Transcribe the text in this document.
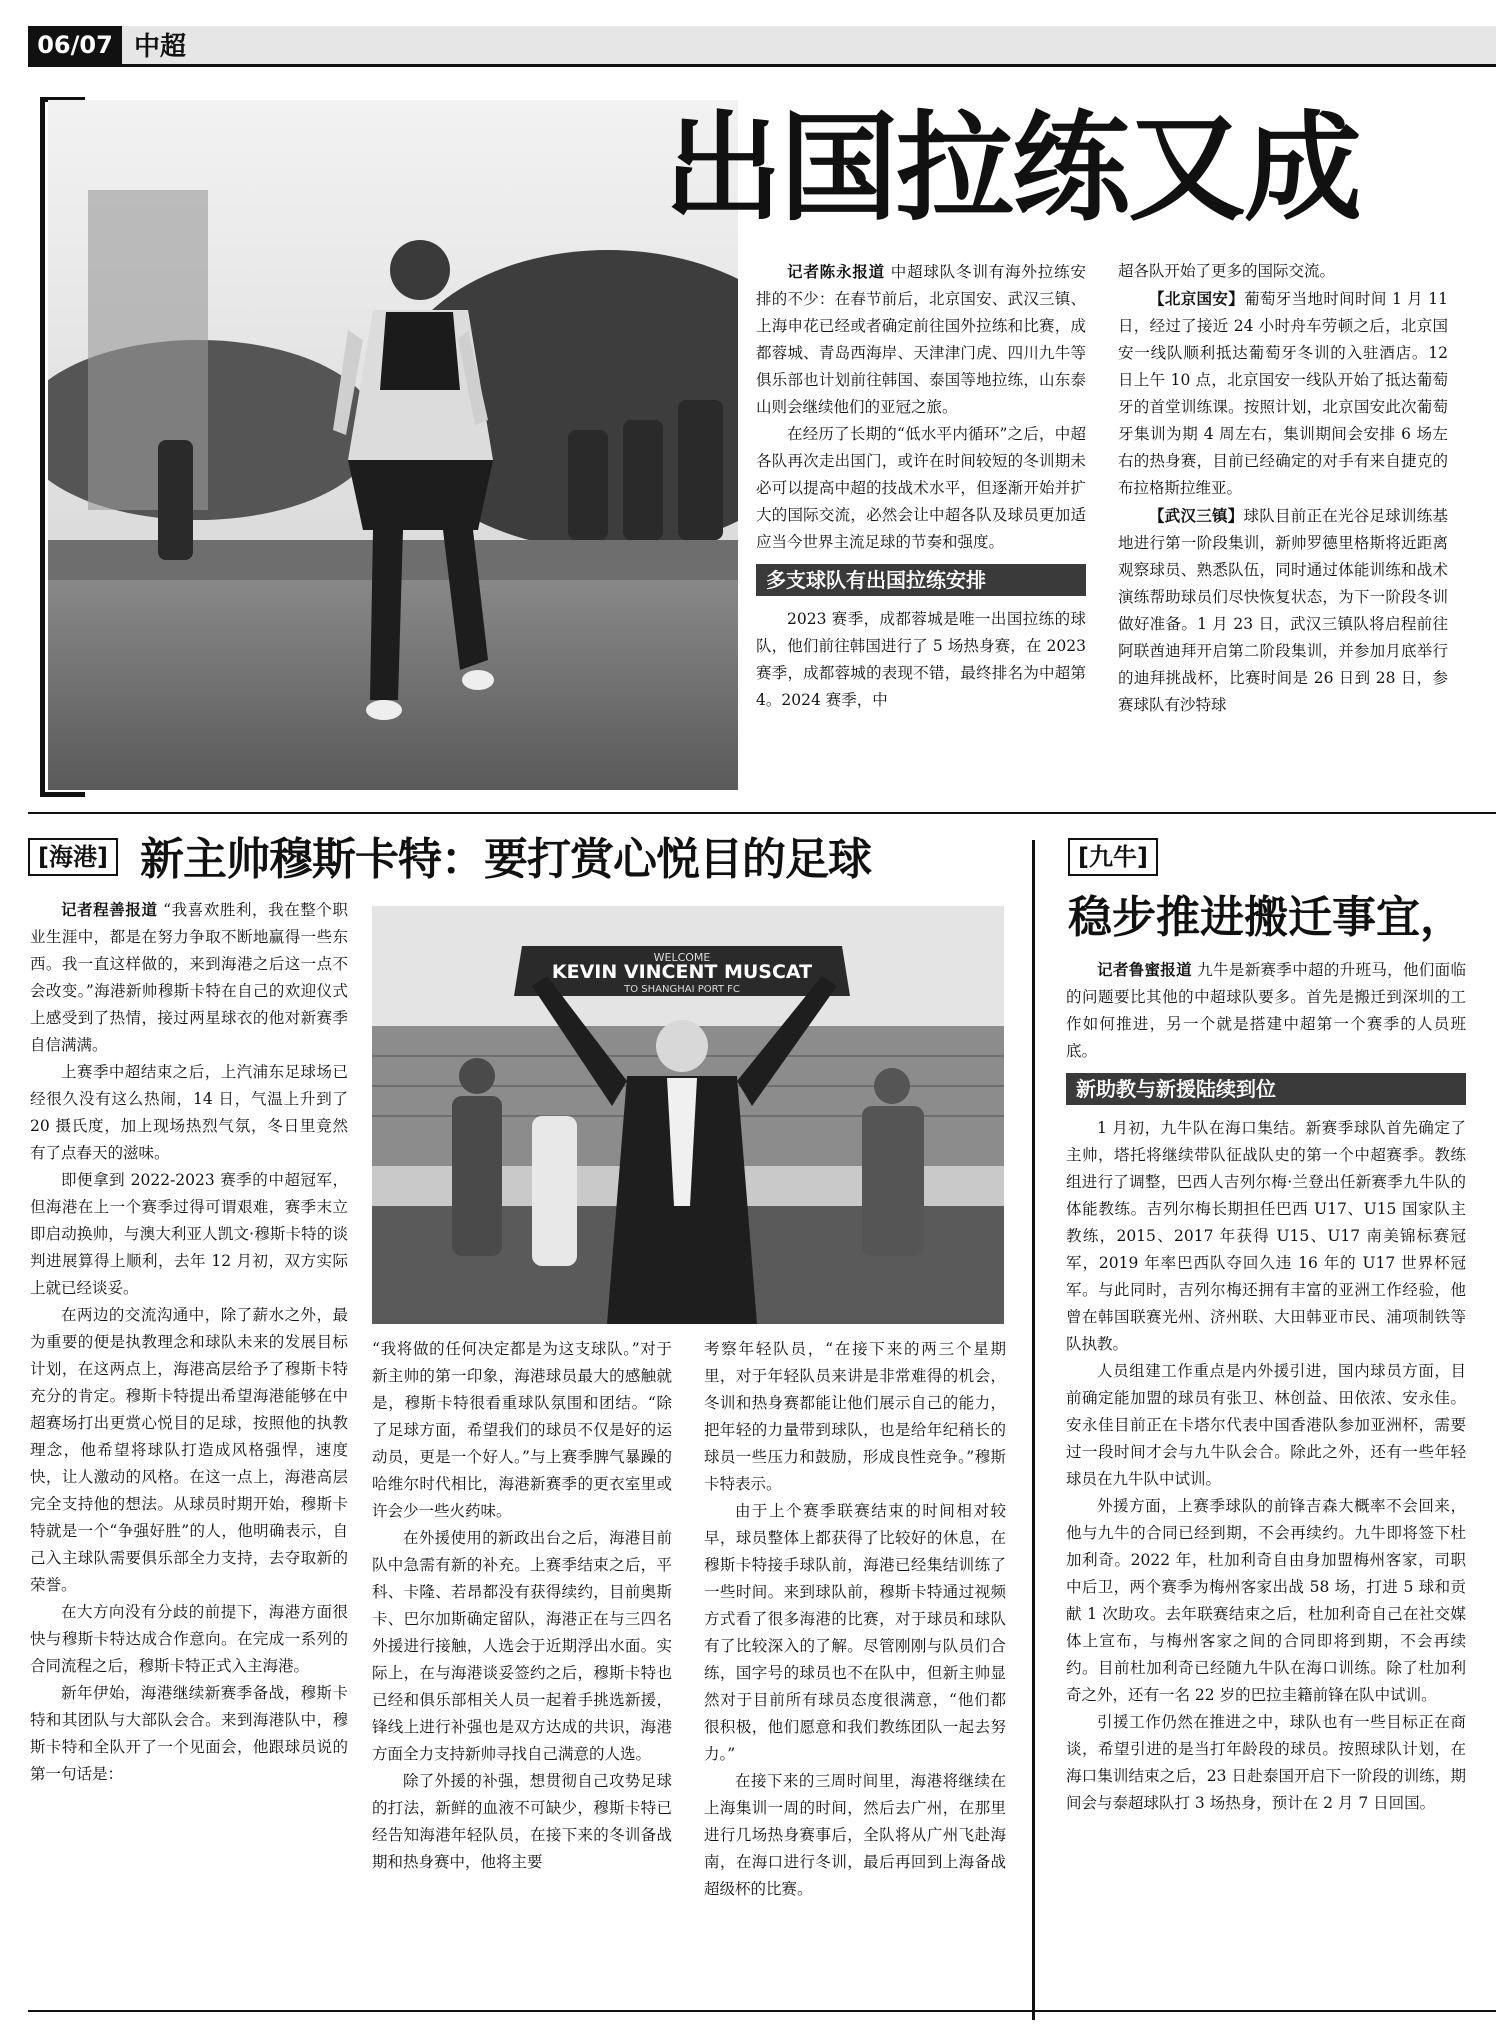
06/07 中超
出国拉练又成

记者陈永报道 中超球队冬训有海外拉练安排的不少：在春节前后，北京国安、武汉三镇、上海申花已经或者确定前往国外拉练和比赛，成都蓉城、青岛西海岸、天津津门虎、四川九牛等俱乐部也计划前往韩国、泰国等地拉练，山东泰山则会继续他们的亚冠之旅。

在经历了长期的“低水平内循环”之后，中超各队再次走出国门，或许在时间较短的冬训期未必可以提高中超的技战术水平，但逐渐开始并扩大的国际交流，必然会让中超各队及球员更加适应当今世界主流足球的节奏和强度。

多支球队有出国拉练安排

2023 赛季，成都蓉城是唯一出国拉练的球队，他们前往韩国进行了 5 场热身赛，在 2023 赛季，成都蓉城的表现不错，最终排名为中超第 4。2024 赛季，中

超各队开始了更多的国际交流。

【北京国安】葡萄牙当地时间时间 1 月 11 日，经过了接近 24 小时舟车劳顿之后，北京国安一线队顺利抵达葡萄牙冬训的入驻酒店。12 日上午 10 点，北京国安一线队开始了抵达葡萄牙的首堂训练课。按照计划，北京国安此次葡萄牙集训为期 4 周左右，集训期间会安排 6 场左右的热身赛，目前已经确定的对手有来自捷克的布拉格斯拉维亚。

【武汉三镇】球队目前正在光谷足球训练基地进行第一阶段集训，新帅罗德里格斯将近距离观察球员、熟悉队伍，同时通过体能训练和战术演练帮助球员们尽快恢复状态，为下一阶段冬训做好准备。1 月 23 日，武汉三镇队将启程前往阿联酋迪拜开启第二阶段集训，并参加月底举行的迪拜挑战杯，比赛时间是 26 日到 28 日，参赛球队有沙特球

[海港] 新主帅穆斯卡特：要打赏心悦目的足球

记者程善报道 “我喜欢胜利，我在整个职业生涯中，都是在努力争取不断地赢得一些东西。我一直这样做的，来到海港之后这一点不会改变。”海港新帅穆斯卡特在自己的欢迎仪式上感受到了热情，接过两星球衣的他对新赛季自信满满。

上赛季中超结束之后，上汽浦东足球场已经很久没有这么热闹，14 日，气温上升到了 20 摄氏度，加上现场热烈气氛，冬日里竟然有了点春天的滋味。

即便拿到 2022-2023 赛季的中超冠军，但海港在上一个赛季过得可谓艰难，赛季末立即启动换帅，与澳大利亚人凯文·穆斯卡特的谈判进展算得上顺利，去年 12 月初，双方实际上就已经谈妥。

在两边的交流沟通中，除了薪水之外，最为重要的便是执教理念和球队未来的发展目标计划，在这两点上，海港高层给予了穆斯卡特充分的肯定。穆斯卡特提出希望海港能够在中超赛场打出更赏心悦目的足球，按照他的执教理念，他希望将球队打造成风格强悍，速度快，让人激动的风格。在这一点上，海港高层完全支持他的想法。从球员时期开始，穆斯卡特就是一个“争强好胜”的人，他明确表示，自己入主球队需要俱乐部全力支持，去夺取新的荣誉。

在大方向没有分歧的前提下，海港方面很快与穆斯卡特达成合作意向。在完成一系列的合同流程之后，穆斯卡特正式入主海港。

新年伊始，海港继续新赛季备战，穆斯卡特和其团队与大部队会合。来到海港队中，穆斯卡特和全队开了一个见面会，他跟球员说的第一句话是：

WELCOME
KEVIN VINCENT MUSCAT
TO SHANGHAI PORT FC

“我将做的任何决定都是为这支球队。”对于新主帅的第一印象，海港球员最大的感触就是，穆斯卡特很看重球队氛围和团结。“除了足球方面，希望我们的球员不仅是好的运动员，更是一个好人。”与上赛季脾气暴躁的哈维尔时代相比，海港新赛季的更衣室里或许会少一些火药味。

在外援使用的新政出台之后，海港目前队中急需有新的补充。上赛季结束之后，平科、卡隆、若昂都没有获得续约，目前奥斯卡、巴尔加斯确定留队，海港正在与三四名外援进行接触，人选会于近期浮出水面。实际上，在与海港谈妥签约之后，穆斯卡特也已经和俱乐部相关人员一起着手挑选新援，锋线上进行补强也是双方达成的共识，海港方面全力支持新帅寻找自己满意的人选。

除了外援的补强，想贯彻自己攻势足球的打法，新鲜的血液不可缺少，穆斯卡特已经告知海港年轻队员，在接下来的冬训备战期和热身赛中，他将主要

考察年轻队员，“在接下来的两三个星期里，对于年轻队员来讲是非常难得的机会，冬训和热身赛都能让他们展示自己的能力，把年轻的力量带到球队，也是给年纪稍长的球员一些压力和鼓励，形成良性竞争。”穆斯卡特表示。

由于上个赛季联赛结束的时间相对较早，球员整体上都获得了比较好的休息，在穆斯卡特接手球队前，海港已经集结训练了一些时间。来到球队前，穆斯卡特通过视频方式看了很多海港的比赛，对于球员和球队有了比较深入的了解。尽管刚刚与队员们合练，国字号的球员也不在队中，但新主帅显然对于目前所有球员态度很满意，“他们都很积极，他们愿意和我们教练团队一起去努力。”

在接下来的三周时间里，海港将继续在上海集训一周的时间，然后去广州，在那里进行几场热身赛事后，全队将从广州飞赴海南，在海口进行冬训，最后再回到上海备战超级杯的比赛。

[九牛]
稳步推进搬迁事宜，

记者鲁蜜报道 九牛是新赛季中超的升班马，他们面临的问题要比其他的中超球队要多。首先是搬迁到深圳的工作如何推进，另一个就是搭建中超第一个赛季的人员班底。

新助教与新援陆续到位

1 月初，九牛队在海口集结。新赛季球队首先确定了主帅，塔托将继续带队征战队史的第一个中超赛季。教练组进行了调整，巴西人吉列尔梅·兰登出任新赛季九牛队的体能教练。吉列尔梅长期担任巴西 U17、U15 国家队主教练，2015、2017 年获得 U15、U17 南美锦标赛冠军，2019 年率巴西队夺回久违 16 年的 U17 世界杯冠军。与此同时，吉列尔梅还拥有丰富的亚洲工作经验，他曾在韩国联赛光州、济州联、大田韩亚市民、浦项制铁等队执教。

人员组建工作重点是内外援引进，国内球员方面，目前确定能加盟的球员有张卫、林创益、田依浓、安永佳。安永佳目前正在卡塔尔代表中国香港队参加亚洲杯，需要过一段时间才会与九牛队会合。除此之外，还有一些年轻球员在九牛队中试训。

外援方面，上赛季球队的前锋吉森大概率不会回来，他与九牛的合同已经到期，不会再续约。九牛即将签下杜加利奇。2022 年，杜加利奇自由身加盟梅州客家，司职中后卫，两个赛季为梅州客家出战 58 场，打进 5 球和贡献 1 次助攻。去年联赛结束之后，杜加利奇自己在社交媒体上宣布，与梅州客家之间的合同即将到期，不会再续约。目前杜加利奇已经随九牛队在海口训练。除了杜加利奇之外，还有一名 22 岁的巴拉圭籍前锋在队中试训。

引援工作仍然在推进之中，球队也有一些目标正在商谈，希望引进的是当打年龄段的球员。按照球队计划，在海口集训结束之后，23 日赴泰国开启下一阶段的训练，期间会与泰超球队打 3 场热身，预计在 2 月 7 日回国。
